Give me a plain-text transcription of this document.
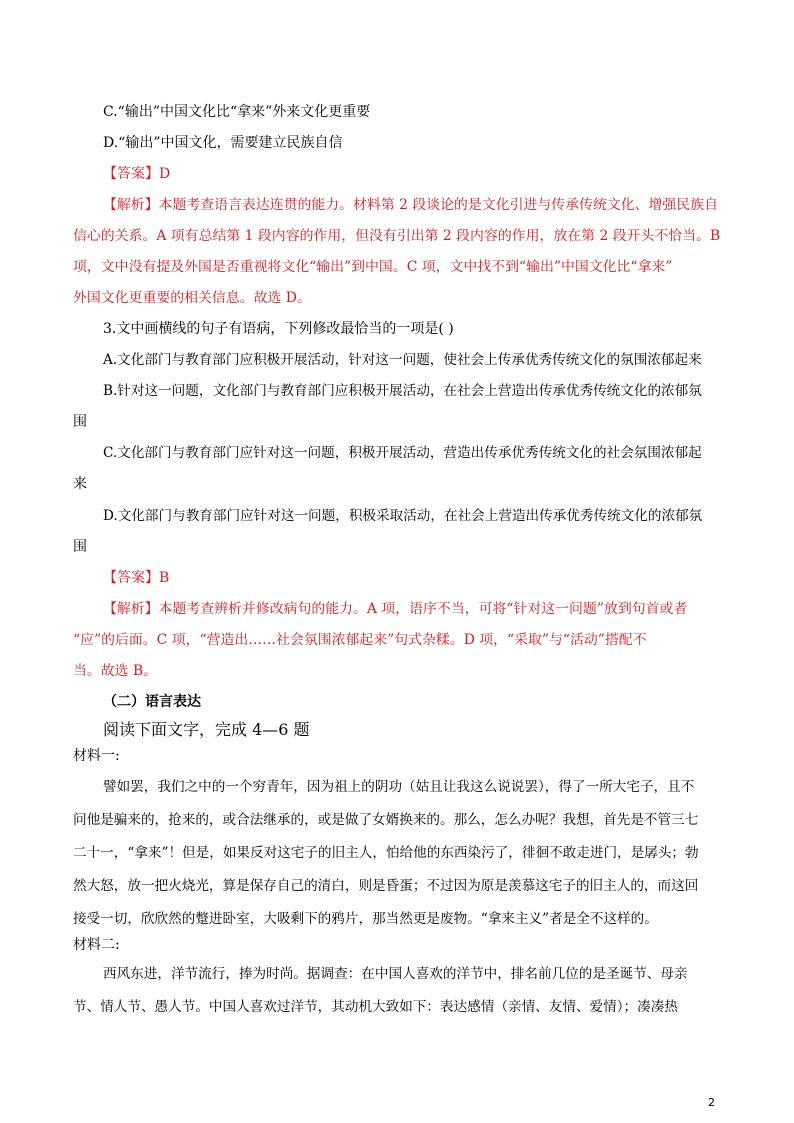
C.“输出”中国文化比“拿来”外来文化更重要
D.“输出”中国文化，需要建立民族自信
【答案】D
【解析】本题考查语言表达连贯的能力。材料第 2 段谈论的是文化引进与传承传统文化、增强民族自
信心的关系。A 项有总结第 1 段内容的作用，但没有引出第 2 段内容的作用，放在第 2 段开头不恰当。B
项，文中没有提及外国是否重视将文化“输出”到中国。C 项，文中找不到“输出”中国文化比“拿来”
外国文化更重要的相关信息。故选 D。
3.文中画横线的句子有语病，下列修改最恰当的一项是( )
A.文化部门与教育部门应积极开展活动，针对这一问题，使社会上传承优秀传统文化的氛围浓郁起来
B.针对这一问题，文化部门与教育部门应积极开展活动，在社会上营造出传承优秀传统文化的浓郁氛
围
C.文化部门与教育部门应针对这一问题，积极开展活动，营造出传承优秀传统文化的社会氛围浓郁起
来
D.文化部门与教育部门应针对这一问题，积极采取活动，在社会上营造出传承优秀传统文化的浓郁氛
围
【答案】B
【解析】本题考查辨析并修改病句的能力。A 项，语序不当，可将“针对这一问题”放到句首或者
“应”的后面。C 项，“营造出……社会氛围浓郁起来”句式杂糅。D 项，“采取”与“活动”搭配不
当。故选 B。
（二）语言表达
阅读下面文字，完成 4—6 题
材料一:
譬如罢，我们之中的一个穷青年，因为祖上的阴功（姑且让我这么说说罢），得了一所大宅子，且不
问他是骗来的，抢来的，或合法继承的，或是做了女婿换来的。那么，怎么办呢？我想，首先是不管三七
二十一，“拿来”！但是，如果反对这宅子的旧主人，怕给他的东西染污了，徘徊不敢走进门，是孱头；勃
然大怒，放一把火烧光，算是保存自己的清白，则是昏蛋；不过因为原是羡慕这宅子的旧主人的，而这回
接受一切，欣欣然的蹩进卧室，大吸剩下的鸦片，那当然更是废物。“拿来主义”者是全不这样的。
材料二:
西风东进，洋节流行，捧为时尚。据调查：在中国人喜欢的洋节中，排名前几位的是圣诞节、母亲
节、情人节、愚人节。中国人喜欢过洋节，其动机大致如下：表达感情（亲情、友情、爱情）；凑凑热
2
